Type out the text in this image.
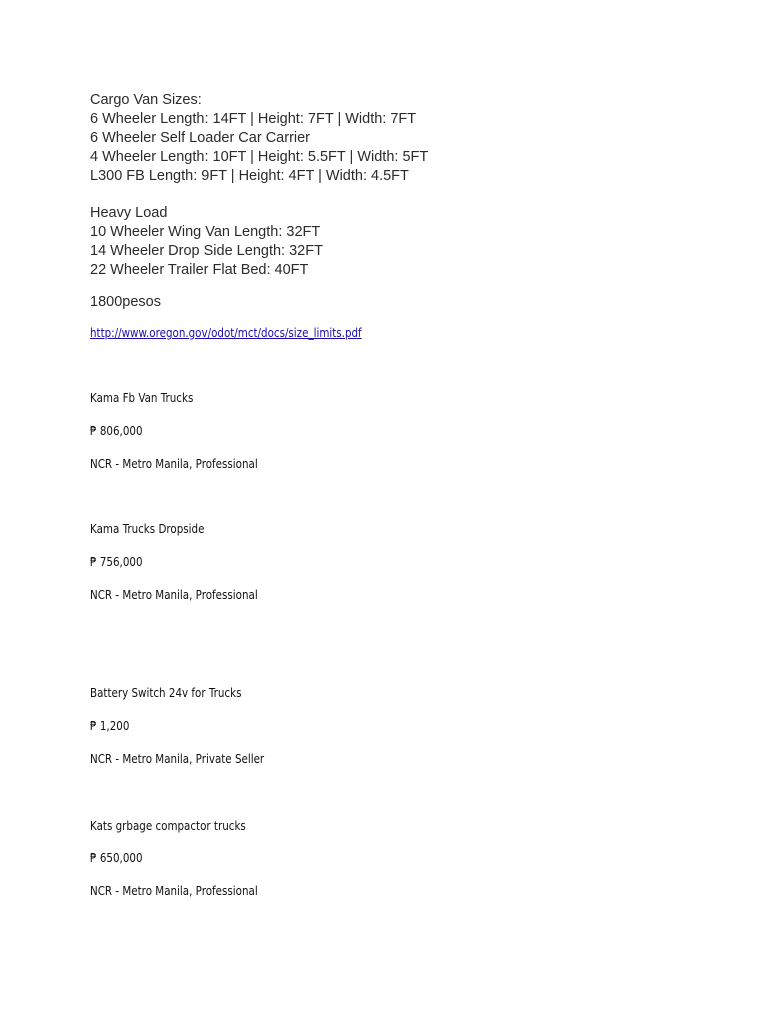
Cargo Van Sizes:
6 Wheeler Length: 14FT | Height: 7FT | Width: 7FT
6 Wheeler Self Loader Car Carrier
4 Wheeler Length: 10FT | Height: 5.5FT | Width: 5FT
L300 FB Length: 9FT | Height: 4FT | Width: 4.5FT
Heavy Load
10 Wheeler Wing Van Length: 32FT
14 Wheeler Drop Side Length: 32FT
22 Wheeler Trailer Flat Bed: 40FT
1800pesos
http://www.oregon.gov/odot/mct/docs/size_limits.pdf
Kama Fb Van Trucks
₱ 806,000
NCR - Metro Manila, Professional
Kama Trucks Dropside
₱ 756,000
NCR - Metro Manila, Professional
Battery Switch 24v for Trucks
₱ 1,200
NCR - Metro Manila, Private Seller
Kats grbage compactor trucks
₱ 650,000
NCR - Metro Manila, Professional
